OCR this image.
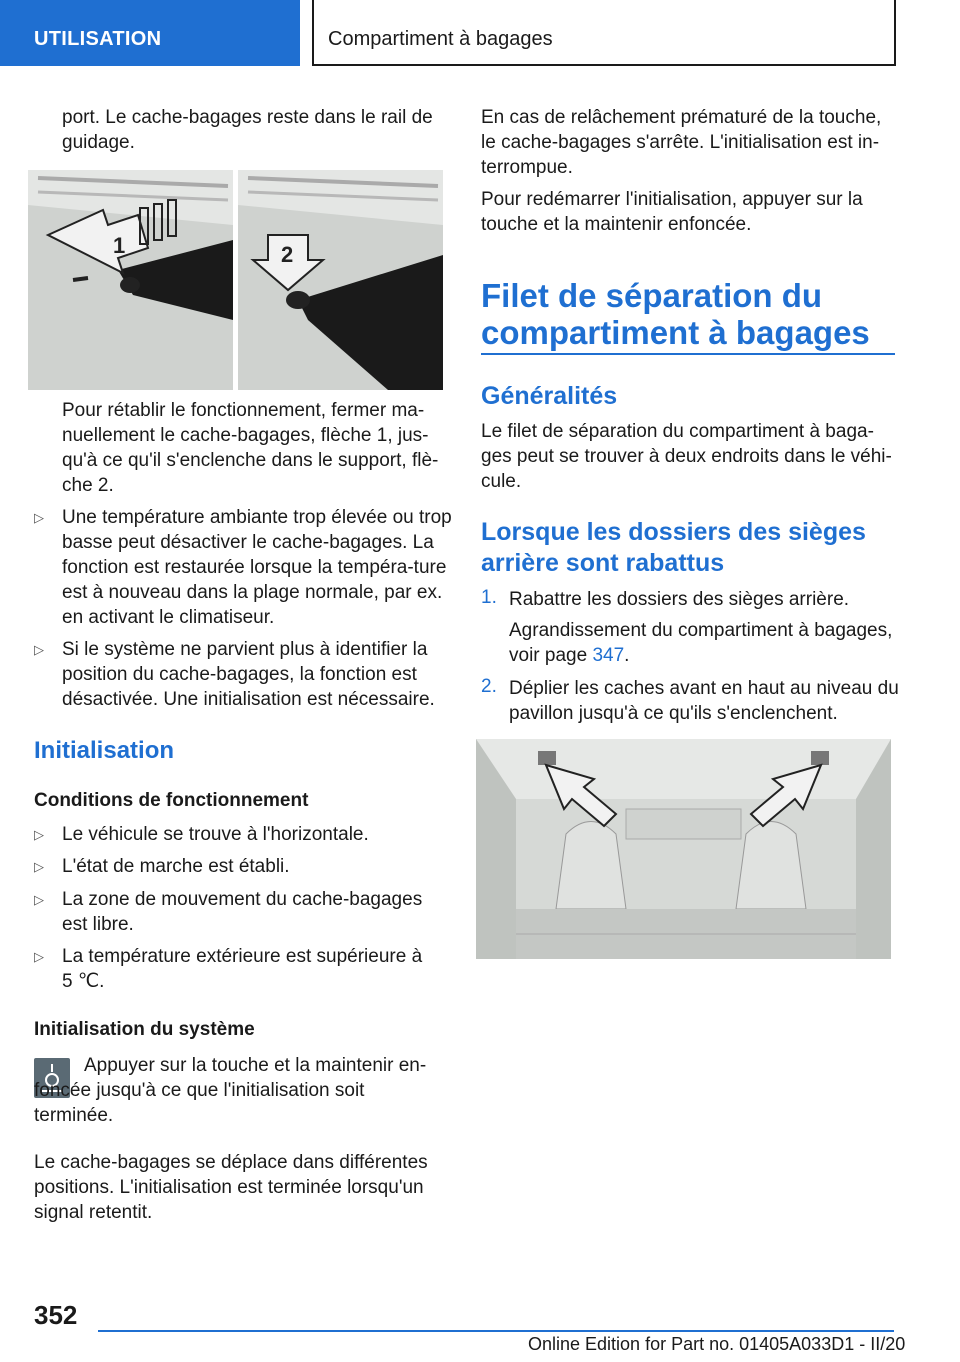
UTILISATION	Compartiment à bagages
port. Le cache-bagages reste dans le rail de guidage.
1	2
Pour rétablir le fonctionnement, fermer ma-nuellement le cache-bagages, flèche 1, jus-qu'à ce qu'il s'enclenche dans le support, flè-che 2.
▷ Une température ambiante trop élevée ou trop basse peut désactiver le cache-bagages. La fonction est restaurée lorsque la tempéra-ture est à nouveau dans la plage normale, par ex. en activant le climatiseur.
▷ Si le système ne parvient plus à identifier la position du cache-bagages, la fonction est désactivée. Une initialisation est nécessaire.
Initialisation
Conditions de fonctionnement
▷ Le véhicule se trouve à l'horizontale.
▷ L'état de marche est établi.
▷ La zone de mouvement du cache-bagages est libre.
▷ La température extérieure est supérieure à 5 ℃.
Initialisation du système
Appuyer sur la touche et la maintenir en-foncée jusqu'à ce que l'initialisation soit terminée.
Le cache-bagages se déplace dans différentes positions. L'initialisation est terminée lorsqu'un signal retentit.
En cas de relâchement prématuré de la touche, le cache-bagages s'arrête. L'initialisation est in-terrompue.
Pour redémarrer l'initialisation, appuyer sur la touche et la maintenir enfoncée.
Filet de séparation du compartiment à bagages
Généralités
Le filet de séparation du compartiment à baga-ges peut se trouver à deux endroits dans le véhi-cule.
Lorsque les dossiers des sièges arrière sont rabattus
1. Rabattre les dossiers des sièges arrière.
Agrandissement du compartiment à bagages, voir page 347.
2. Déplier les caches avant en haut au niveau du pavillon jusqu'à ce qu'ils s'enclenchent.
352
Online Edition for Part no. 01405A033D1 - II/20
